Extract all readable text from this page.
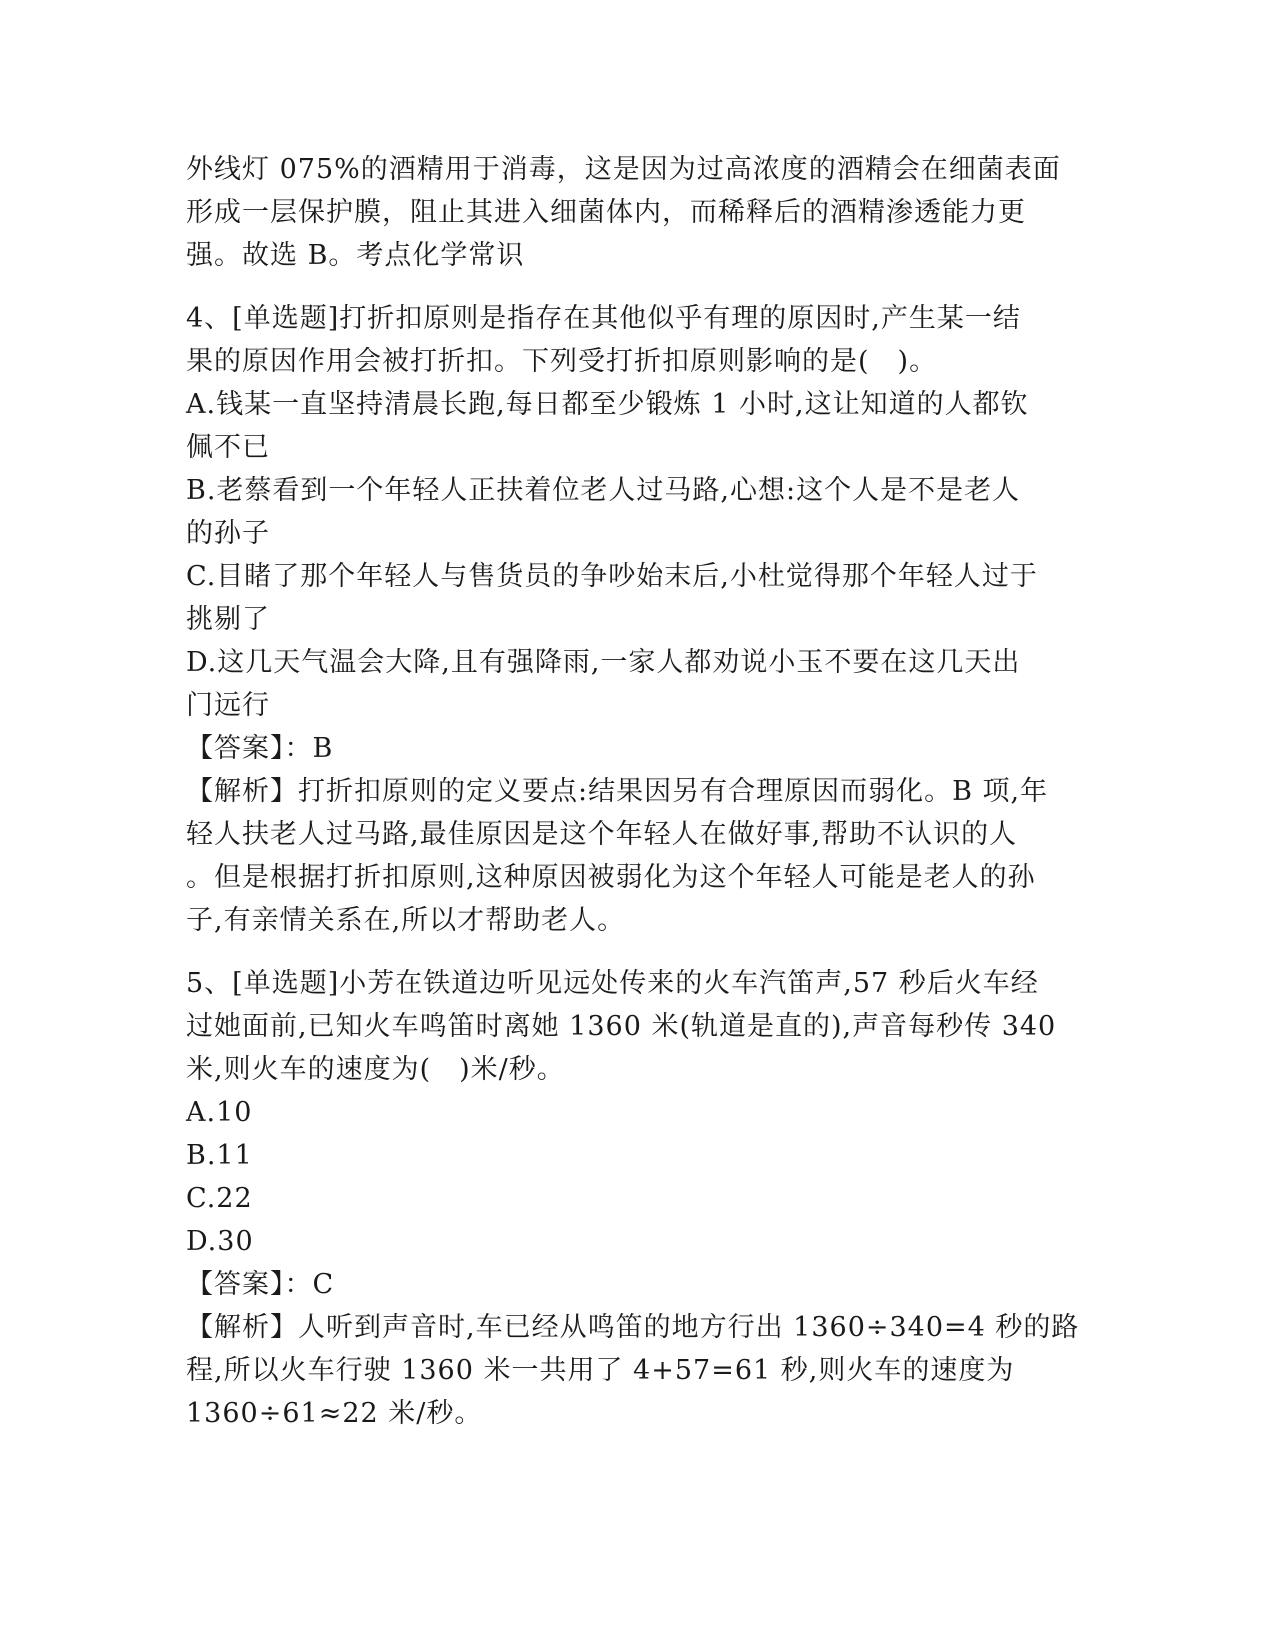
外线灯 075%的酒精用于消毒，这是因为过高浓度的酒精会在细菌表面
形成一层保护膜，阻止其进入细菌体内，而稀释后的酒精渗透能力更
强。故选 B。考点化学常识
4、[单选题]打折扣原则是指存在其他似乎有理的原因时,产生某一结
果的原因作用会被打折扣。下列受打折扣原则影响的是(　)。
A.钱某一直坚持清晨长跑,每日都至少锻炼 1 小时,这让知道的人都钦
佩不已
B.老蔡看到一个年轻人正扶着位老人过马路,心想:这个人是不是老人
的孙子
C.目睹了那个年轻人与售货员的争吵始末后,小杜觉得那个年轻人过于
挑剔了
D.这几天气温会大降,且有强降雨,一家人都劝说小玉不要在这几天出
门远行
【答案】：B
【解析】打折扣原则的定义要点:结果因另有合理原因而弱化。B 项,年
轻人扶老人过马路,最佳原因是这个年轻人在做好事,帮助不认识的人
。但是根据打折扣原则,这种原因被弱化为这个年轻人可能是老人的孙
子,有亲情关系在,所以才帮助老人。
5、[单选题]小芳在铁道边听见远处传来的火车汽笛声,57 秒后火车经
过她面前,已知火车鸣笛时离她 1360 米(轨道是直的),声音每秒传 340
米,则火车的速度为(　)米/秒。
A.10
B.11
C.22
D.30
【答案】：C
【解析】人听到声音时,车已经从鸣笛的地方行出 1360÷340=4 秒的路
程,所以火车行驶 1360 米一共用了 4+57=61 秒,则火车的速度为
1360÷61≈22 米/秒。
